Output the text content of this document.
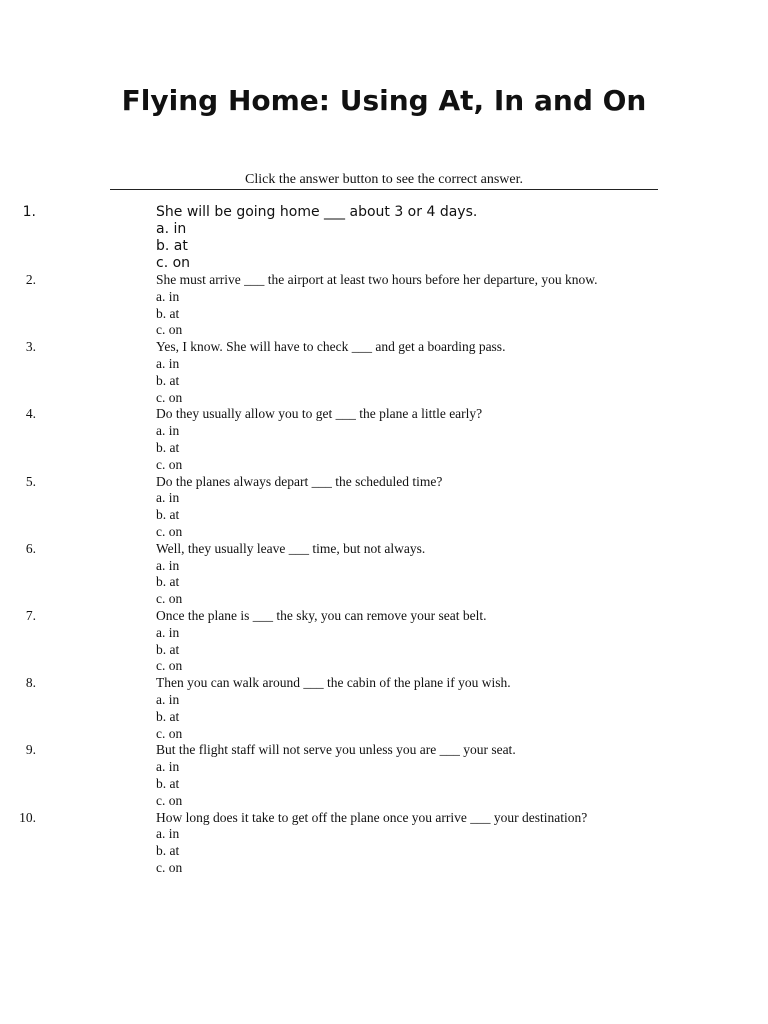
Flying Home: Using At, In and On
Click the answer button to see the correct answer.
1.	She will be going home ___ about 3 or 4 days.
a. in
b. at
c. on
2.	She must arrive ___ the airport at least two hours before her departure, you know.
a. in
b. at
c. on
3.	Yes, I know. She will have to check ___ and get a boarding pass.
a. in
b. at
c. on
4.	Do they usually allow you to get ___ the plane a little early?
a. in
b. at
c. on
5.	Do the planes always depart ___ the scheduled time?
a. in
b. at
c. on
6.	Well, they usually leave ___ time, but not always.
a. in
b. at
c. on
7.	Once the plane is ___ the sky, you can remove your seat belt.
a. in
b. at
c. on
8.	Then you can walk around ___ the cabin of the plane if you wish.
a. in
b. at
c. on
9.	But the flight staff will not serve you unless you are ___ your seat.
a. in
b. at
c. on
10.	How long does it take to get off the plane once you arrive ___ your destination?
a. in
b. at
c. on
